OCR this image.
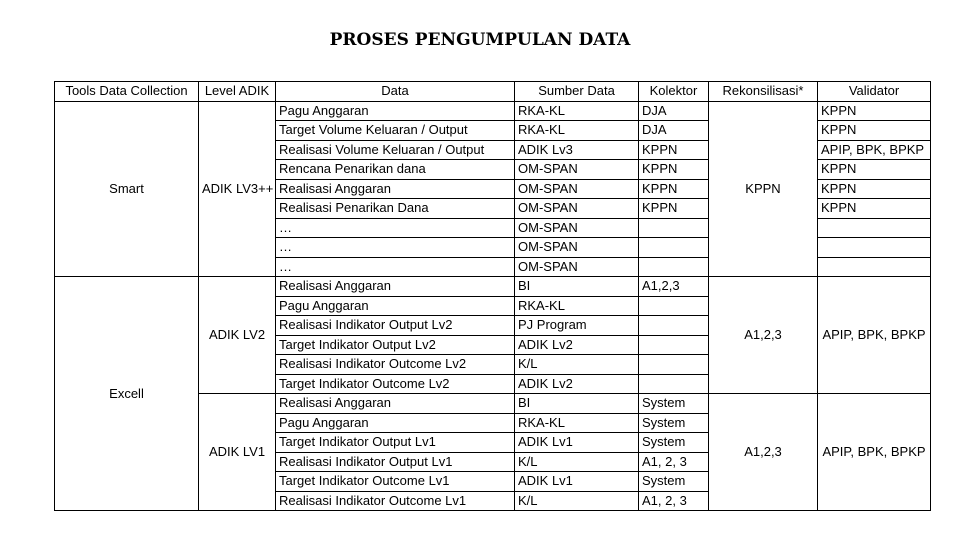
PROSES PENGUMPULAN DATA
Tools Data Collection	Level ADIK	Data	Sumber Data	Kolektor	Rekonsilisasi*	Validator
Smart	ADIK LV3++	Pagu Anggaran	RKA-KL	DJA	KPPN	KPPN
		Target Volume Keluaran / Output	RKA-KL	DJA		KPPN
		Realisasi Volume Keluaran / Output	ADIK Lv3	KPPN		APIP, BPK, BPKP
		Rencana Penarikan dana	OM-SPAN	KPPN		KPPN
		Realisasi Anggaran	OM-SPAN	KPPN		KPPN
		Realisasi Penarikan Dana	OM-SPAN	KPPN		KPPN
		…	OM-SPAN			
		…	OM-SPAN			
		…	OM-SPAN			
Excell	ADIK LV2	Realisasi Anggaran	BI	A1,2,3	A1,2,3	APIP, BPK, BPKP
		Pagu Anggaran	RKA-KL			
		Realisasi Indikator Output Lv2	PJ Program			
		Target Indikator Output Lv2	ADIK Lv2			
		Realisasi Indikator Outcome Lv2	K/L			
		Target Indikator Outcome Lv2	ADIK Lv2			
	ADIK LV1	Realisasi Anggaran	BI	System	A1,2,3	APIP, BPK, BPKP
		Pagu Anggaran	RKA-KL	System		
		Target Indikator Output Lv1	ADIK Lv1	System		
		Realisasi Indikator Output Lv1	K/L	A1, 2, 3		
		Target Indikator Outcome Lv1	ADIK Lv1	System		
		Realisasi Indikator Outcome Lv1	K/L	A1, 2, 3		
